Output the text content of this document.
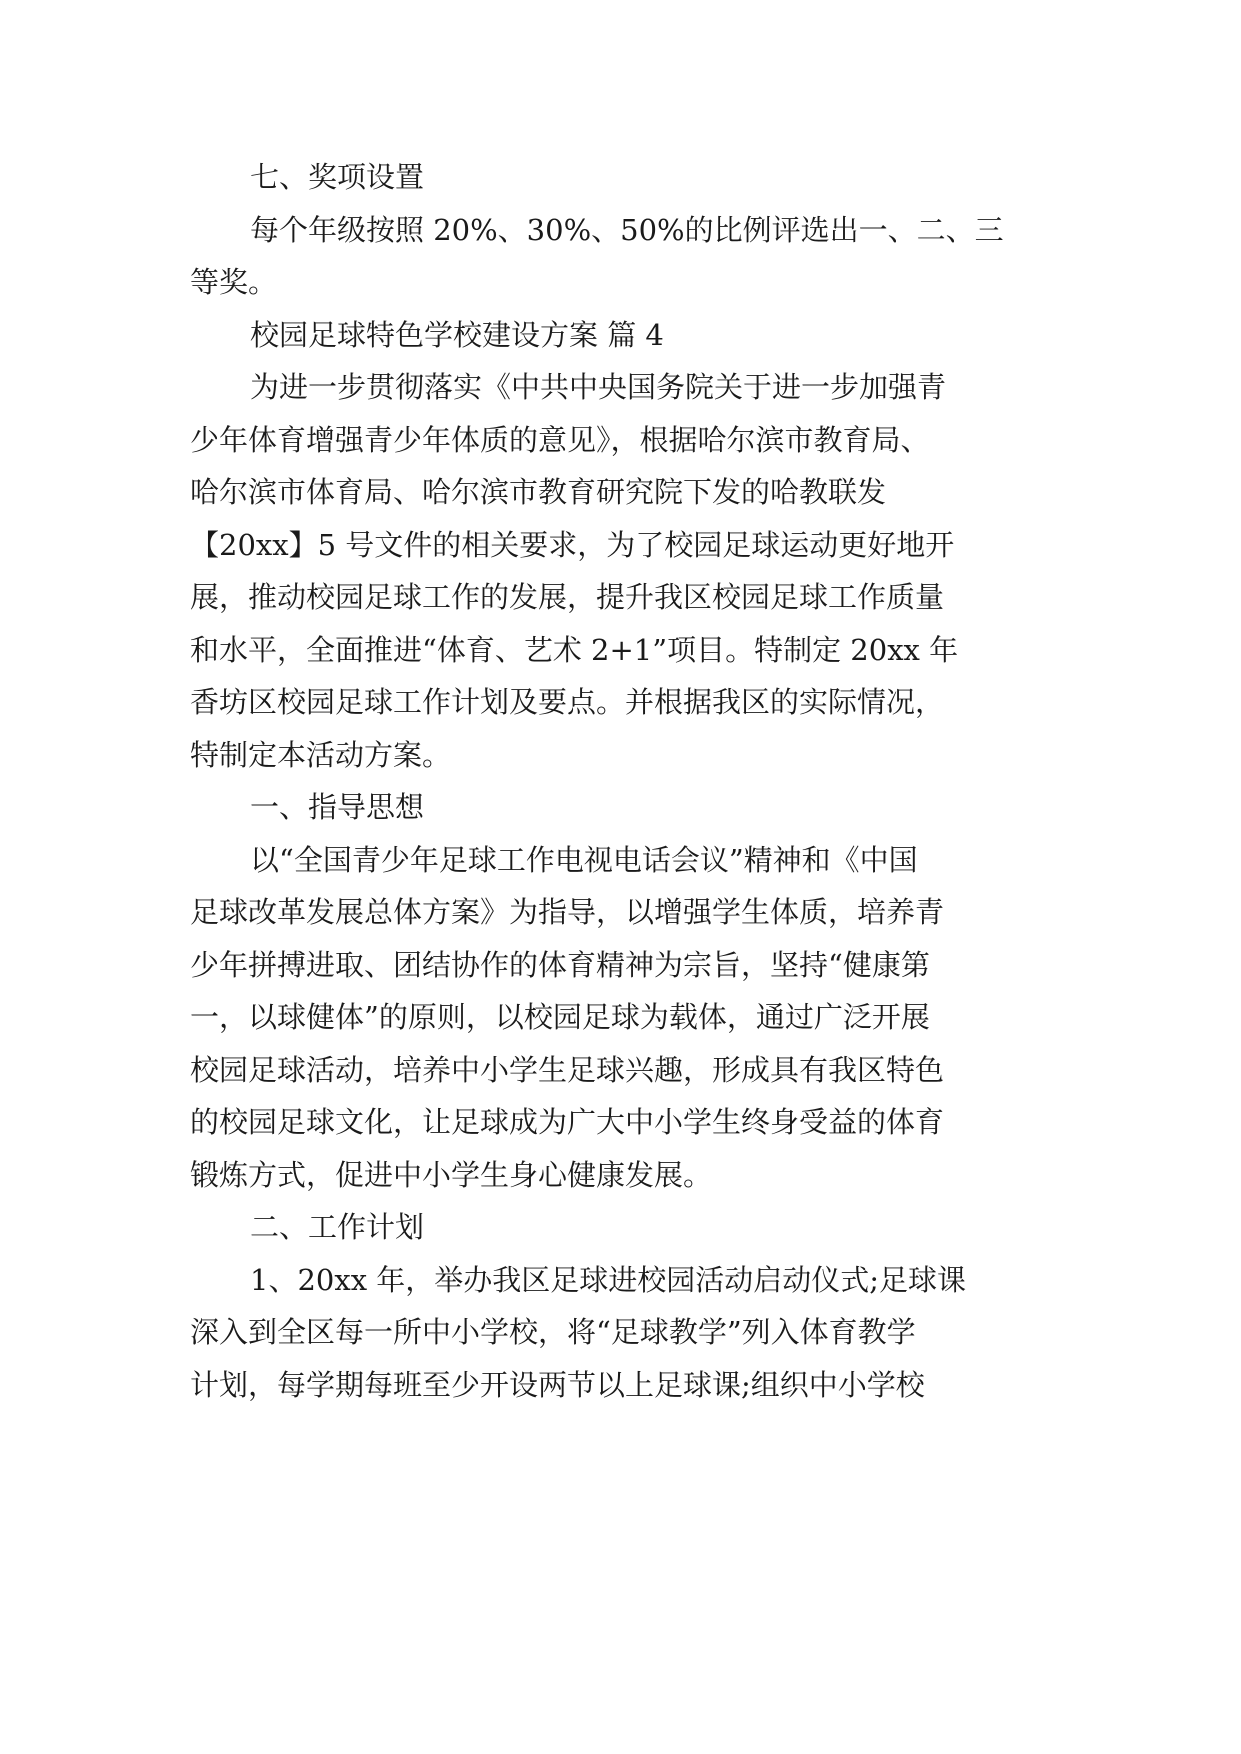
七、奖项设置
每个年级按照 20%、30%、50%的比例评选出一、二、三
等奖。
校园足球特色学校建设方案 篇 4
为进一步贯彻落实《中共中央国务院关于进一步加强青
少年体育增强青少年体质的意见》，根据哈尔滨市教育局、
哈尔滨市体育局、哈尔滨市教育研究院下发的哈教联发
【20xx】5 号文件的相关要求，为了校园足球运动更好地开
展，推动校园足球工作的发展，提升我区校园足球工作质量
和水平，全面推进“体育、艺术 2+1”项目。特制定 20xx 年
香坊区校园足球工作计划及要点。并根据我区的实际情况，
特制定本活动方案。
一、指导思想
以“全国青少年足球工作电视电话会议”精神和《中国
足球改革发展总体方案》为指导，以增强学生体质，培养青
少年拼搏进取、团结协作的体育精神为宗旨，坚持“健康第
一，以球健体”的原则，以校园足球为载体，通过广泛开展
校园足球活动，培养中小学生足球兴趣，形成具有我区特色
的校园足球文化，让足球成为广大中小学生终身受益的体育
锻炼方式，促进中小学生身心健康发展。
二、工作计划
1、20xx 年，举办我区足球进校园活动启动仪式;足球课
深入到全区每一所中小学校，将“足球教学”列入体育教学
计划，每学期每班至少开设两节以上足球课;组织中小学校
